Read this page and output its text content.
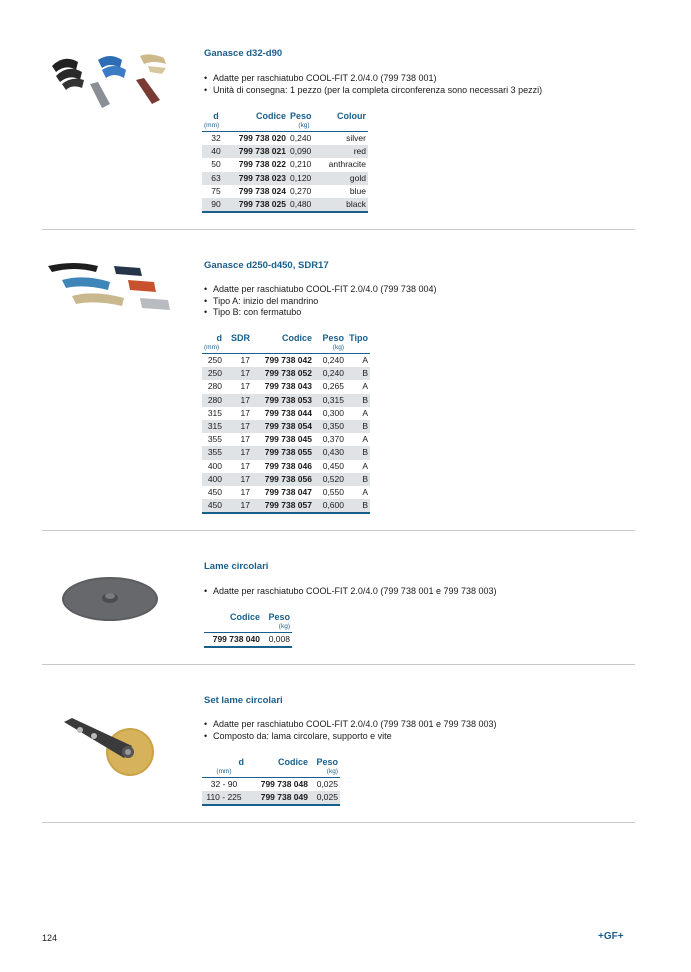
Ganasce d32-d90
• Adatte per raschiatubo COOL-FIT 2.0/4.0 (799 738 001)
• Unità di consegna: 1 pezzo (per la completa circonferenza sono necessari 3 pezzi)
d	Codice	Peso	Colour
(mm)		(kg)	
32	799 738 020	0,240	silver
40	799 738 021	0,090	red
50	799 738 022	0,210	anthracite
63	799 738 023	0,120	gold
75	799 738 024	0,270	blue
90	799 738 025	0,480	black
Ganasce d250-d450, SDR17
• Adatte per raschiatubo COOL-FIT 2.0/4.0 (799 738 004)
• Tipo A: inizio del mandrino
• Tipo B: con fermatubo
d	SDR	Codice	Peso	Tipo
(mm)			(kg)	
250	17	799 738 042	0,240	A
250	17	799 738 052	0,240	B
280	17	799 738 043	0,265	A
280	17	799 738 053	0,315	B
315	17	799 738 044	0,300	A
315	17	799 738 054	0,350	B
355	17	799 738 045	0,370	A
355	17	799 738 055	0,430	B
400	17	799 738 046	0,450	A
400	17	799 738 056	0,520	B
450	17	799 738 047	0,550	A
450	17	799 738 057	0,600	B
Lame circolari
• Adatte per raschiatubo COOL-FIT 2.0/4.0 (799 738 001 e 799 738 003)
Codice	Peso
	(kg)
799 738 040	0,008
Set lame circolari
• Adatte per raschiatubo COOL-FIT 2.0/4.0 (799 738 001 e 799 738 003)
• Composto da: lama circolare, supporto e vite
d	Codice	Peso
(mm)		(kg)
32 - 90	799 738 048	0,025
110 - 225	799 738 049	0,025
124	+GF+
